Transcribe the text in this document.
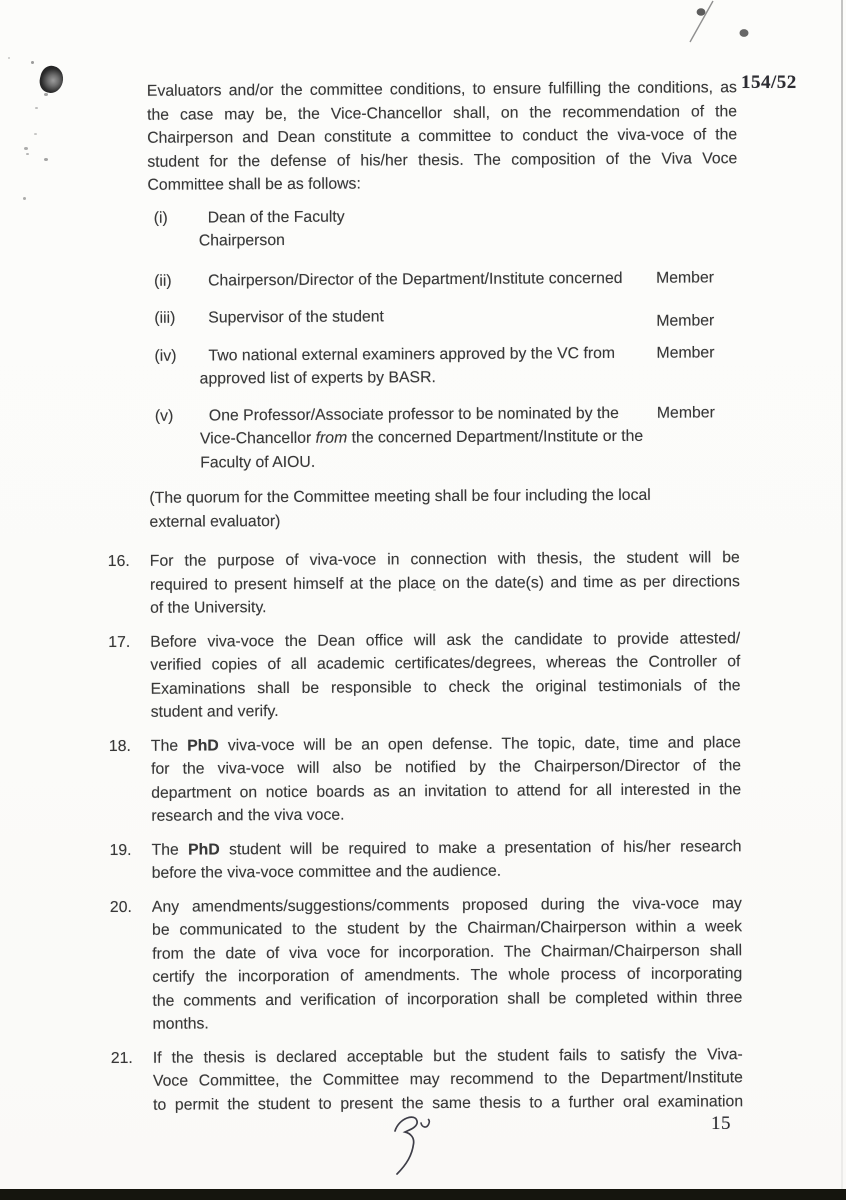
154/52
Evaluators and/or the committee conditions, to ensure fulfilling the conditions, as
the case may be, the Vice-Chancellor shall, on the recommendation of the
Chairperson and Dean constitute a committee to conduct the viva-voce of the
student for the defense of his/her thesis. The composition of the Viva Voce
Committee shall be as follows:
(i)	Dean of the Faculty
Chairperson
(ii) Chairperson/Director of the Department/Institute concerned	Member
(iii) Supervisor of the student	Member
(iv) Two national external examiners approved by the VC from
approved list of experts by BASR.
Member
(v) One Professor/Associate professor to be nominated by the
Vice-Chancellor from the concerned Department/Institute or the
Faculty of AIOU.
Member
(The quorum for the Committee meeting shall be four including the local
external evaluator)
16.	For the purpose of viva-voce in connection with thesis, the student will be
required to present himself at the place on the date(s) and time as per directions
of the University.
17.	Before viva-voce the Dean office will ask the candidate to provide attested/
verified copies of all academic certificates/degrees, whereas the Controller of
Examinations shall be responsible to check the original testimonials of the
student and verify.
18.	The PhD viva-voce will be an open defense. The topic, date, time and place
for the viva-voce will also be notified by the Chairperson/Director of the
department on notice boards as an invitation to attend for all interested in the
research and the viva voce.
19.	The PhD student will be required to make a presentation of his/her research
before the viva-voce committee and the audience.
20.	Any amendments/suggestions/comments proposed during the viva-voce may
be communicated to the student by the Chairman/Chairperson within a week
from the date of viva voce for incorporation. The Chairman/Chairperson shall
certify the incorporation of amendments. The whole process of incorporating
the comments and verification of incorporation shall be completed within three
months.
21.	If the thesis is declared acceptable but the student fails to satisfy the Viva-
Voce Committee, the Committee may recommend to the Department/Institute
to permit the student to present the same thesis to a further oral examination
15
